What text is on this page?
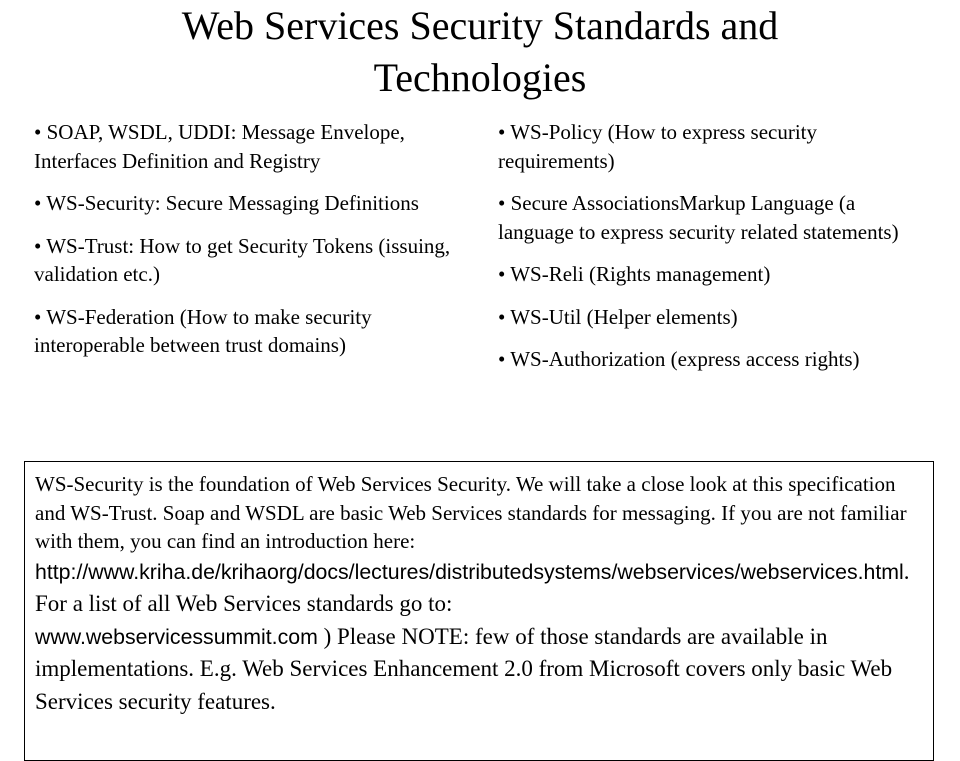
Web Services Security Standards and
Technologies
• SOAP, WSDL, UDDI: Message Envelope, Interfaces Definition and Registry
• WS-Security: Secure Messaging Definitions
• WS-Trust: How to get Security Tokens (issuing, validation etc.)
• WS-Federation (How to make security interoperable between trust domains)
• WS-Policy (How to express security requirements)
• Secure AssociationsMarkup Language (a language to express security related statements)
• WS-Reli (Rights management)
• WS-Util (Helper elements)
• WS-Authorization (express access rights)
WS-Security is the foundation of Web Services Security. We will take a close look at this specification and WS-Trust. Soap and WSDL are basic Web Services standards for messaging. If you are not familiar with them, you can find an introduction here: http://www.kriha.de/krihaorg/docs/lectures/distributedsystems/webservices/webservices.html. For a list of all Web Services standards go to:
www.webservicessummit.com ) Please NOTE: few of those standards are available in implementations. E.g. Web Services Enhancement 2.0 from Microsoft covers only basic Web Services security features.
